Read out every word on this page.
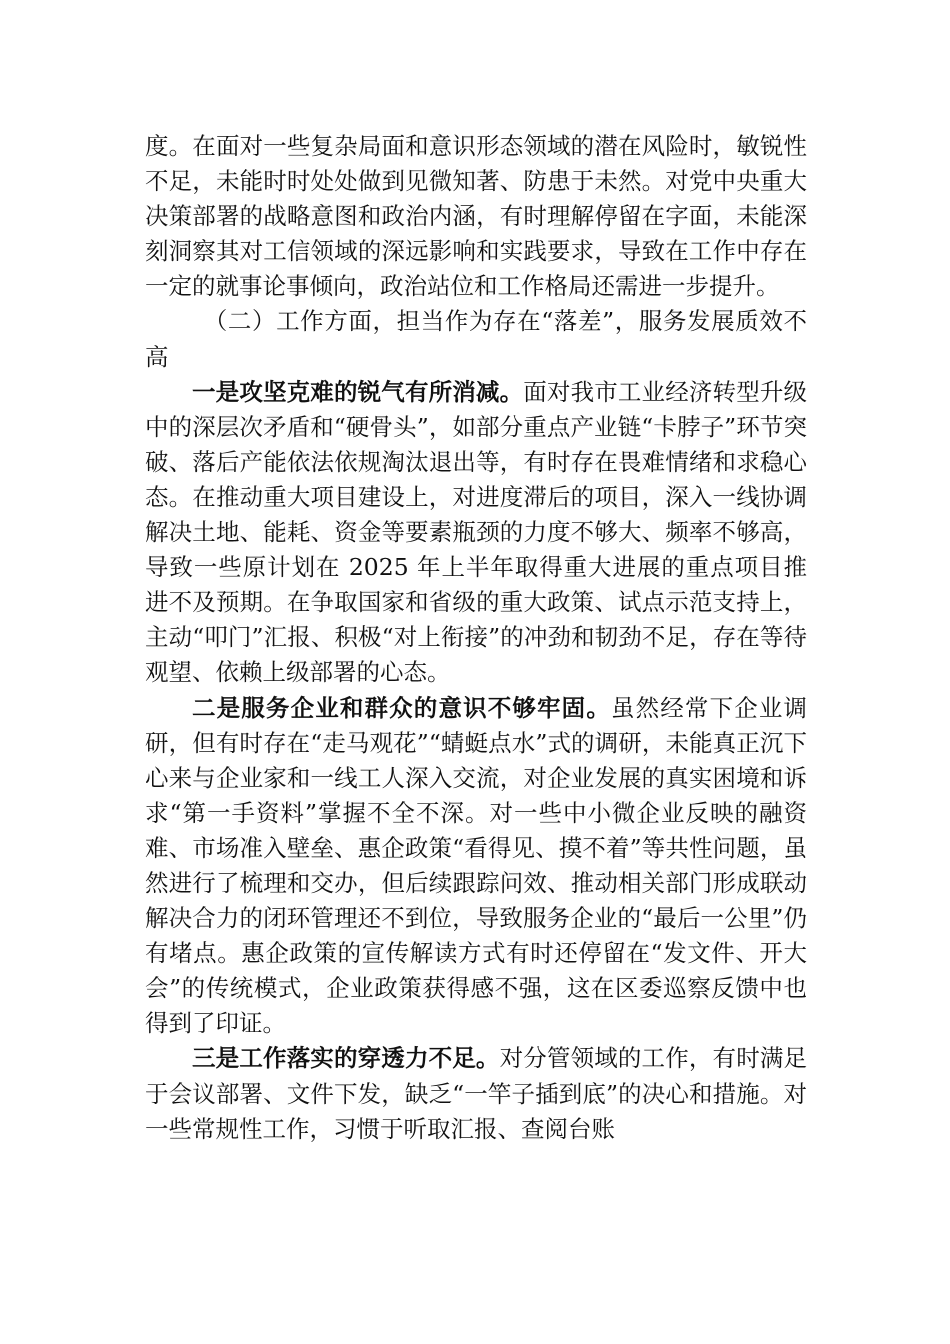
度。在面对一些复杂局面和意识形态领域的潜在风险时，敏锐性不足，未能时时处处做到见微知著、防患于未然。对党中央重大决策部署的战略意图和政治内涵，有时理解停留在字面，未能深刻洞察其对工信领域的深远影响和实践要求，导致在工作中存在一定的就事论事倾向，政治站位和工作格局还需进一步提升。

（二）工作方面，担当作为存在“落差”，服务发展质效不高

一是攻坚克难的锐气有所消减。面对我市工业经济转型升级中的深层次矛盾和“硬骨头”，如部分重点产业链“卡脖子”环节突破、落后产能依法依规淘汰退出等，有时存在畏难情绪和求稳心态。在推动重大项目建设上，对进度滞后的项目，深入一线协调解决土地、能耗、资金等要素瓶颈的力度不够大、频率不够高，导致一些原计划在 2025 年上半年取得重大进展的重点项目推进不及预期。在争取国家和省级的重大政策、试点示范支持上，主动“叩门”汇报、积极“对上衔接”的冲劲和韧劲不足，存在等待观望、依赖上级部署的心态。

二是服务企业和群众的意识不够牢固。虽然经常下企业调研，但有时存在“走马观花”“蜻蜓点水”式的调研，未能真正沉下心来与企业家和一线工人深入交流，对企业发展的真实困境和诉求“第一手资料”掌握不全不深。对一些中小微企业反映的融资难、市场准入壁垒、惠企政策“看得见、摸不着”等共性问题，虽然进行了梳理和交办，但后续跟踪问效、推动相关部门形成联动解决合力的闭环管理还不到位，导致服务企业的“最后一公里”仍有堵点。惠企政策的宣传解读方式有时还停留在“发文件、开大会”的传统模式，企业政策获得感不强，这在区委巡察反馈中也得到了印证。

三是工作落实的穿透力不足。对分管领域的工作，有时满足于会议部署、文件下发，缺乏“一竿子插到底”的决心和措施。对一些常规性工作，习惯于听取汇报、查阅台账
